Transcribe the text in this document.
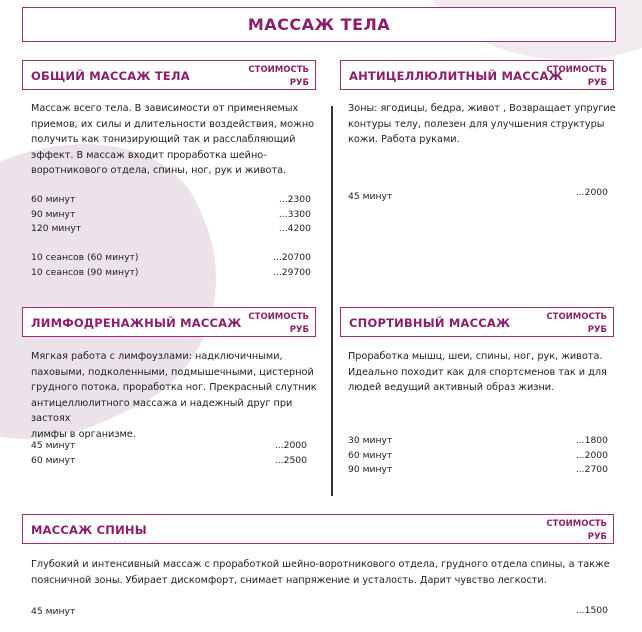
МАССАЖ ТЕЛА
ОБЩИЙ МАССАЖ ТЕЛА	СТОИМОСТЬ
РУБ
Массаж всего тела. В зависимости от применяемых
приемов, их силы и длительности воздействия, можно
получить как тонизирующий так и расслабляющий
эффект. В массаж входит проработка шейно-
воротникового отдела, спины, ног, рук и живота.
60 минут	...2300
90 минут	...3300
120 минут	...4200
10 сеансов (60 минут)	...20700
10 сеансов (90 минут)	...29700
АНТИЦЕЛЛЮЛИТНЫЙ МАССАЖ
СТОИМОСТЬ
РУБ
Зоны: ягодицы, бедра, живот , Возвращает упругие
контуры телу, полезен для улучшения структуры
кожи. Работа руками.
45 минут	...2000
ЛИМФОДРЕНАЖНЫЙ МАССАЖ СТОИМОСТЬ
РУБ
Мягкая работа с лимфоузлами: надключичными,
паховыми, подколенными, подмышечными, цистерной
грудного потока, проработка ног. Прекрасный слутник
антицеллюлитного массажа и надежный друг при застоях
лимфы в организме.
45 минут	...2000
60 минут	...2500
СПОРТИВНЫЙ МАССАЖ	СТОИМОСТЬ
РУБ
Проработка мышц, шеи, спины, ног, рук, живота.
Идеально походит как для спортсменов так и для
людей ведущий активный образ жизни.
30 минут	...1800
60 минут	...2000
90 минут	...2700
МАССАЖ СПИНЫ	СТОИМОСТЬ
РУБ
Глубокий и интенсивный массаж с проработкой шейно-воротникового отдела, грудного отдела спины, а также
поясничной зоны. Убирает дискомфорт, снимает напряжение и усталость. Дарит чувство легкости.
45 минут	...1500
